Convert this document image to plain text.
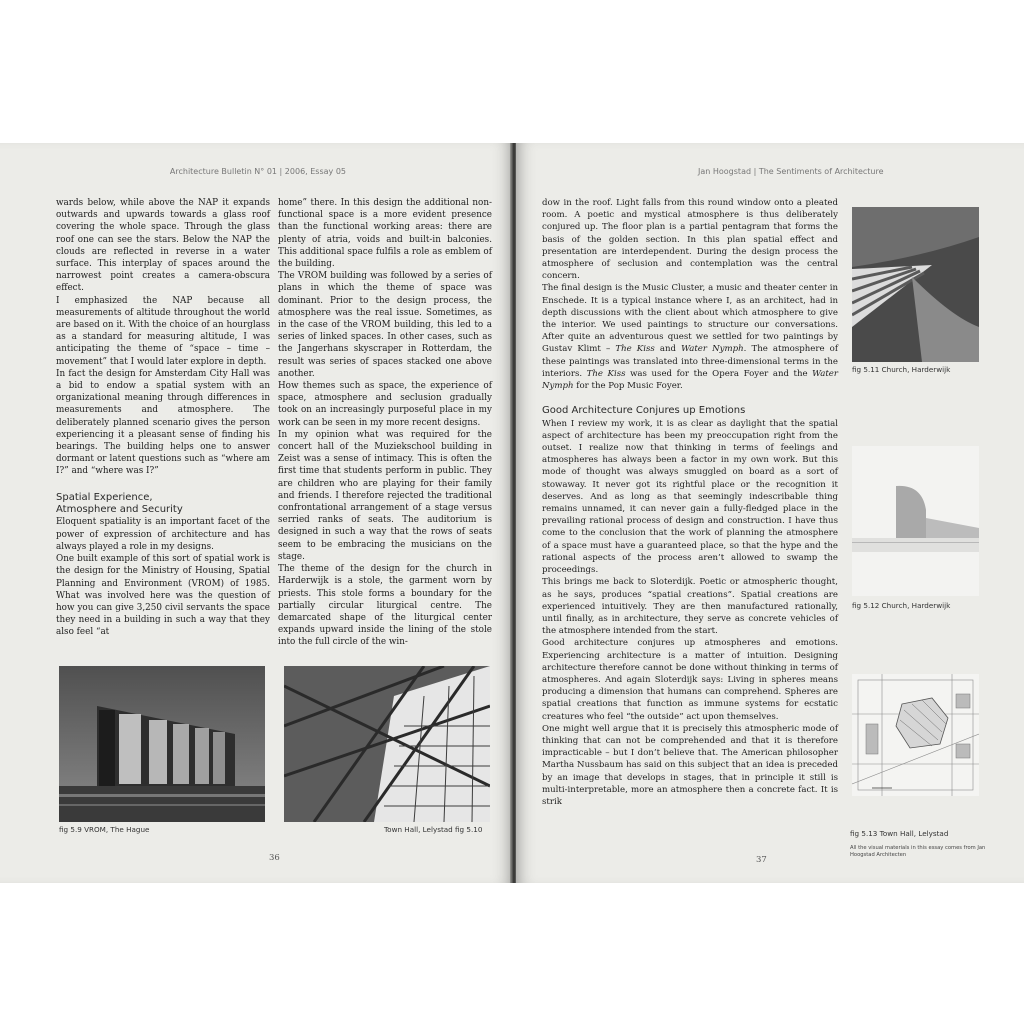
Architecture Bulletin N° 01 | 2006, Essay 05

wards below, while above the NAP it expands outwards and upwards towards a glass roof covering the whole space. Through the glass roof one can see the stars. Below the NAP the clouds are reflected in reverse in a water surface. This interplay of spaces around the narrowest point creates a camera-obscura effect.

I emphasized the NAP because all measurements of altitude throughout the world are based on it. With the choice of an hourglass as a standard for measuring altitude, I was anticipating the theme of “space – time – movement” that I would later explore in depth.

In fact the design for Amsterdam City Hall was a bid to endow a spatial system with an organizational meaning through differences in measurements and atmosphere. The deliberately planned scenario gives the person experiencing it a pleasant sense of finding his bearings. The building helps one to answer dormant or latent questions such as “where am I?” and “where was I?”

Spatial Experience,
Atmosphere and Security

Eloquent spatiality is an important facet of the power of expression of architecture and has always played a role in my designs.

One built example of this sort of spatial work is the design for the Ministry of Housing, Spatial Planning and Environment (VROM) of 1985. What was involved here was the question of how you can give 3,250 civil servants the space they need in a building in such a way that they also feel “at

home” there. In this design the additional non-functional space is a more evident presence than the functional working areas: there are plenty of atria, voids and built-in balconies. This additional space fulfils a role as emblem of the building.

The VROM building was followed by a series of plans in which the theme of space was dominant. Prior to the design process, the atmosphere was the real issue. Sometimes, as in the case of the VROM building, this led to a series of linked spaces. In other cases, such as the Jangerhans skyscraper in Rotterdam, the result was series of spaces stacked one above another.

How themes such as space, the experience of space, atmosphere and seclusion gradually took on an increasingly purposeful place in my work can be seen in my more recent designs.

In my opinion what was required for the concert hall of the Muziekschool building in Zeist was a sense of intimacy. This is often the first time that students perform in public. They are children who are playing for their family and friends. I therefore rejected the traditional confrontational arrangement of a stage versus serried ranks of seats. The auditorium is designed in such a way that the rows of seats seem to be embracing the musicians on the stage.

The theme of the design for the church in Harderwijk is a stole, the garment worn by priests. This stole forms a boundary for the partially circular liturgical centre. The demarcated shape of the liturgical center expands upward inside the lining of the stole into the full circle of the win-

fig 5.9 VROM, The Hague	Town Hall, Lelystad fig 5.10
36
Jan Hoogstad | The Sentiments of Architecture

dow in the roof. Light falls from this round window onto a pleated room. A poetic and mystical atmosphere is thus deliberately conjured up. The floor plan is a partial pentagram that forms the basis of the golden section. In this plan spatial effect and presentation are interdependent. During the design process the atmosphere of seclusion and contemplation was the central concern.

The final design is the Music Cluster, a music and theater center in Enschede. It is a typical instance where I, as an architect, had in depth discussions with the client about which atmosphere to give the interior. We used paintings to structure our conversations. After quite an adventurous quest we settled for two paintings by Gustav Klimt – The Kiss and Water Nymph. The atmosphere of these paintings was translated into three-dimensional terms in the interiors. The Kiss was used for the Opera Foyer and the Water Nymph for the Pop Music Foyer.

Good Architecture Conjures up Emotions

When I review my work, it is as clear as daylight that the spatial aspect of architecture has been my preoccupation right from the outset. I realize now that thinking in terms of feelings and atmospheres has always been a factor in my own work. But this mode of thought was always smuggled on board as a sort of stowaway. It never got its rightful place or the recognition it deserves. And as long as that seemingly indescribable thing remains unnamed, it can never gain a fully-fledged place in the prevailing rational process of design and construction. I have thus come to the conclusion that the work of planning the atmosphere of a space must have a guaranteed place, so that the hype and the rational aspects of the process aren’t allowed to swamp the proceedings.

This brings me back to Sloterdijk. Poetic or atmospheric thought, as he says, produces “spatial creations”. Spatial creations are experienced intuitively. They are then manufactured rationally, until finally, as in architecture, they serve as concrete vehicles of the atmosphere intended from the start.

Good architecture conjures up atmospheres and emotions. Experiencing architecture is a matter of intuition. Designing architecture therefore cannot be done without thinking in terms of atmospheres. And again Sloterdijk says: Living in spheres means producing a dimension that humans can comprehend. Spheres are spatial creations that function as immune systems for ecstatic creatures who feel “the outside” act upon themselves.

One might well argue that it is precisely this atmospheric mode of thinking that can not be comprehended and that it is therefore impracticable – but I don’t believe that. The American philosopher Martha Nussbaum has said on this subject that an idea is preceded by an image that develops in stages, that in principle it still is multi-interpretable, more an atmosphere then a concrete fact. It is strik

fig 5.11 Church, Harderwijk
fig 5.12 Church, Harderwijk
fig 5.13 Town Hall, Lelystad
All the visual materials in this essay comes from Jan Hoogstad Architecten
37
